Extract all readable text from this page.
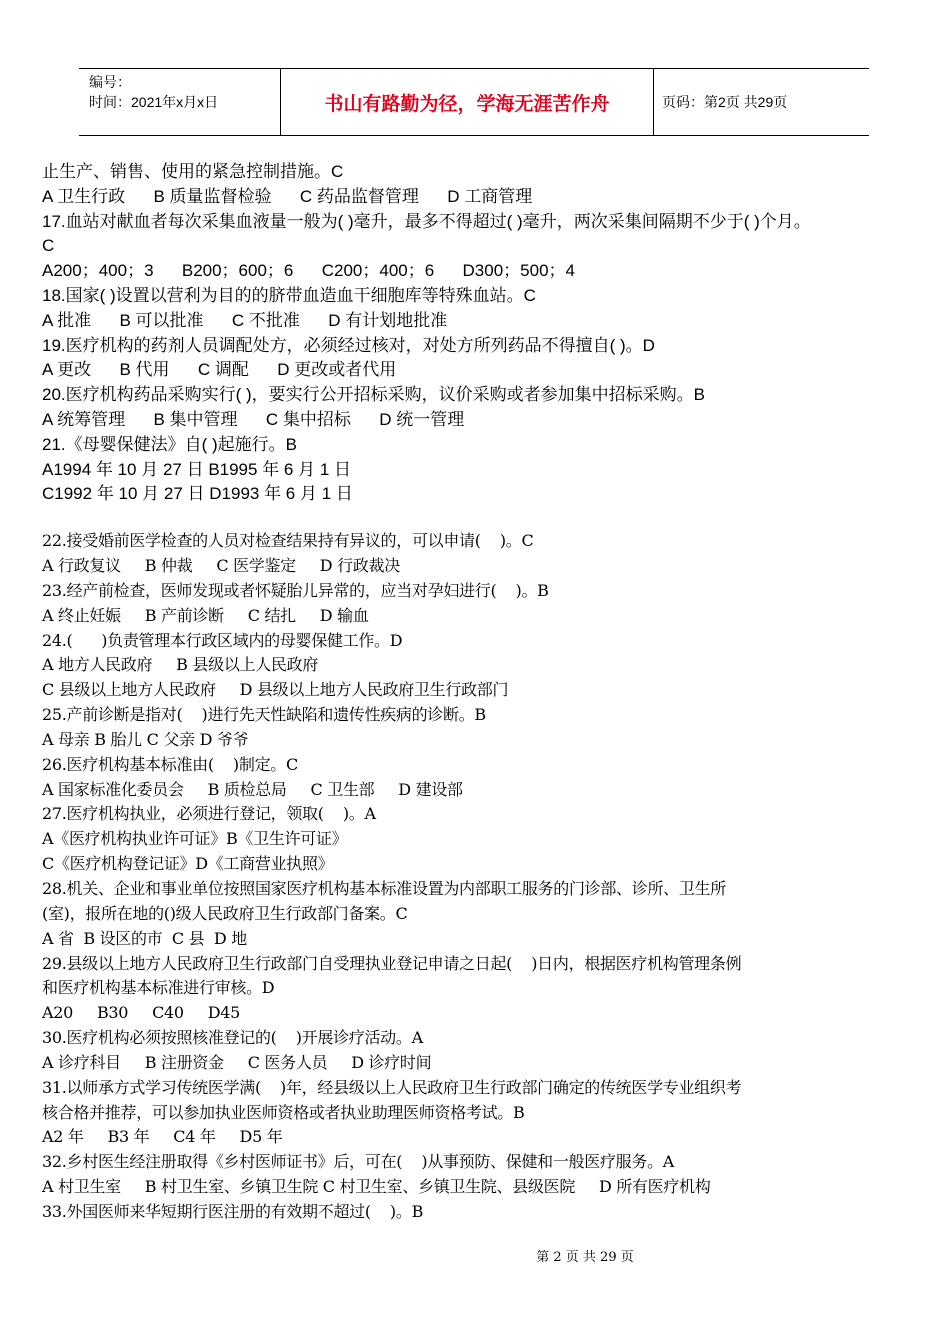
编号：
时间：2021年x月x日	书山有路勤为径，学海无涯苦作舟	页码：第2页 共29页
止生产、销售、使用的紧急控制措施。C
A 卫生行政      B 质量监督检验      C 药品监督管理      D 工商管理
17.血站对献血者每次采集血液量一般为( )毫升，最多不得超过( )毫升，两次采集间隔期不少于( )个月。
C
A200；400；3      B200；600；6      C200；400；6      D300；500；4
18.国家( )设置以营利为目的的脐带血造血干细胞库等特殊血站。C
A 批准      B 可以批准      C 不批准      D 有计划地批准
19.医疗机构的药剂人员调配处方，必须经过核对，对处方所列药品不得擅自( )。D
A 更改      B 代用      C 调配      D 更改或者代用
20.医疗机构药品采购实行( )，要实行公开招标采购，议价采购或者参加集中招标采购。B
A 统筹管理      B 集中管理      C 集中招标      D 统一管理
21.《母婴保健法》自( )起施行。B
A1994 年 10 月 27 日 B1995 年 6 月 1 日
C1992 年 10 月 27 日 D1993 年 6 月 1 日
22.接受婚前医学检查的人员对检查结果持有异议的，可以申请(    )。C
A 行政复议     B 仲裁     C 医学鉴定     D 行政裁决
23.经产前检查，医师发现或者怀疑胎儿异常的，应当对孕妇进行(    )。B
A 终止妊娠     B 产前诊断     C 结扎     D 输血
24.(      )负责管理本行政区域内的母婴保健工作。D
A 地方人民政府     B 县级以上人民政府
C 县级以上地方人民政府     D 县级以上地方人民政府卫生行政部门
25.产前诊断是指对(    )进行先天性缺陷和遗传性疾病的诊断。B
A 母亲 B 胎儿 C 父亲 D 爷爷
26.医疗机构基本标准由(    )制定。C
A 国家标准化委员会     B 质检总局     C 卫生部     D 建设部
27.医疗机构执业，必须进行登记，领取(    )。A
A《医疗机构执业许可证》B《卫生许可证》
C《医疗机构登记证》D《工商营业执照》
28.机关、企业和事业单位按照国家医疗机构基本标准设置为内部职工服务的门诊部、诊所、卫生所
(室)，报所在地的()级人民政府卫生行政部门备案。C
A 省  B 设区的市  C 县  D 地
29.县级以上地方人民政府卫生行政部门自受理执业登记申请之日起(    )日内，根据医疗机构管理条例
和医疗机构基本标准进行审核。D
A20     B30     C40     D45
30.医疗机构必须按照核准登记的(    )开展诊疗活动。A
A 诊疗科目     B 注册资金     C 医务人员     D 诊疗时间
31.以师承方式学习传统医学满(    )年，经县级以上人民政府卫生行政部门确定的传统医学专业组织考
核合格并推荐，可以参加执业医师资格或者执业助理医师资格考试。B
A2 年     B3 年     C4 年     D5 年
32.乡村医生经注册取得《乡村医师证书》后，可在(    )从事预防、保健和一般医疗服务。A
A 村卫生室     B 村卫生室、乡镇卫生院 C 村卫生室、乡镇卫生院、县级医院     D 所有医疗机构
33.外国医师来华短期行医注册的有效期不超过(    )。B
第 2 页 共 29 页
